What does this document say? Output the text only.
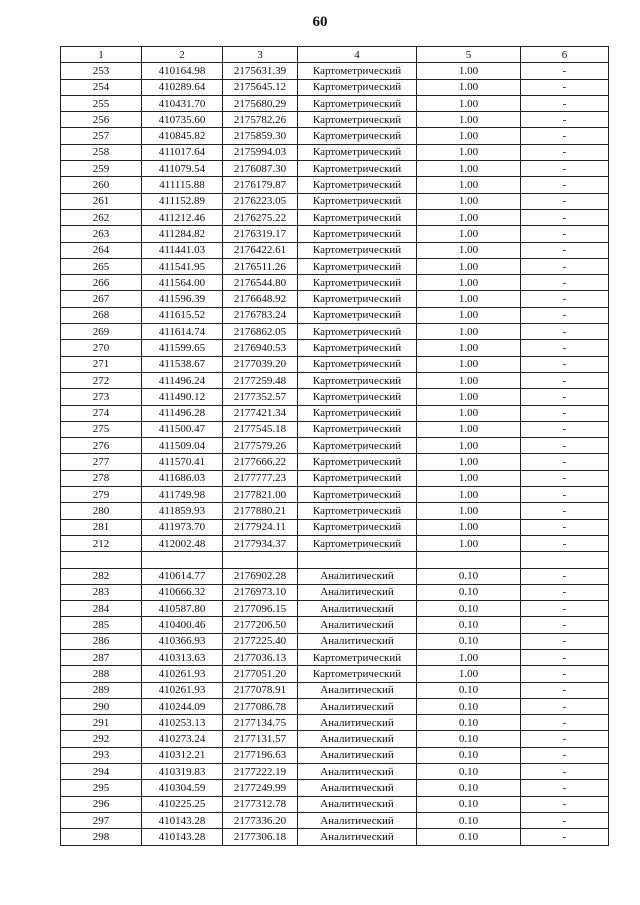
60
1	2	3	4	5	6
253	410164.98	2175631.39	Картометрический	1.00	-
254	410289.64	2175645.12	Картометрический	1.00	-
255	410431.70	2175680.29	Картометрический	1.00	-
256	410735.60	2175782.26	Картометрический	1.00	-
257	410845.82	2175859.30	Картометрический	1.00	-
258	411017.64	2175994.03	Картометрический	1.00	-
259	411079.54	2176087.30	Картометрический	1.00	-
260	411115.88	2176179.87	Картометрический	1.00	-
261	411152.89	2176223.05	Картометрический	1.00	-
262	411212.46	2176275.22	Картометрический	1.00	-
263	411284.82	2176319.17	Картометрический	1.00	-
264	411441.03	2176422.61	Картометрический	1.00	-
265	411541.95	2176511.26	Картометрический	1.00	-
266	411564.00	2176544.80	Картометрический	1.00	-
267	411596.39	2176648.92	Картометрический	1.00	-
268	411615.52	2176783.24	Картометрический	1.00	-
269	411614.74	2176862.05	Картометрический	1.00	-
270	411599.65	2176940.53	Картометрический	1.00	-
271	411538.67	2177039.20	Картометрический	1.00	-
272	411496.24	2177259.48	Картометрический	1.00	-
273	411490.12	2177352.57	Картометрический	1.00	-
274	411496.28	2177421.34	Картометрический	1.00	-
275	411500.47	2177545.18	Картометрический	1.00	-
276	411509.04	2177579.26	Картометрический	1.00	-
277	411570.41	2177666.22	Картометрический	1.00	-
278	411686.03	2177777.23	Картометрический	1.00	-
279	411749.98	2177821.00	Картометрический	1.00	-
280	411859.93	2177880.21	Картометрический	1.00	-
281	411973.70	2177924.11	Картометрический	1.00	-
212	412002.48	2177934.37	Картометрический	1.00	-

282	410614.77	2176902.28	Аналитический	0.10	-
283	410666.32	2176973.10	Аналитический	0.10	-
284	410587.80	2177096.15	Аналитический	0.10	-
285	410400.46	2177206.50	Аналитический	0.10	-
286	410366.93	2177225.40	Аналитический	0.10	-
287	410313.63	2177036.13	Картометрический	1.00	-
288	410261.93	2177051.20	Картометрический	1.00	-
289	410261.93	2177078.91	Аналитический	0.10	-
290	410244.09	2177086.78	Аналитический	0.10	-
291	410253.13	2177134.75	Аналитический	0.10	-
292	410273.24	2177131.57	Аналитический	0.10	-
293	410312.21	2177196.63	Аналитический	0.10	-
294	410319.83	2177222.19	Аналитический	0.10	-
295	410304.59	2177249.99	Аналитический	0.10	-
296	410225.25	2177312.78	Аналитический	0.10	-
297	410143.28	2177336.20	Аналитический	0.10	-
298	410143.28	2177306.18	Аналитический	0.10	-
